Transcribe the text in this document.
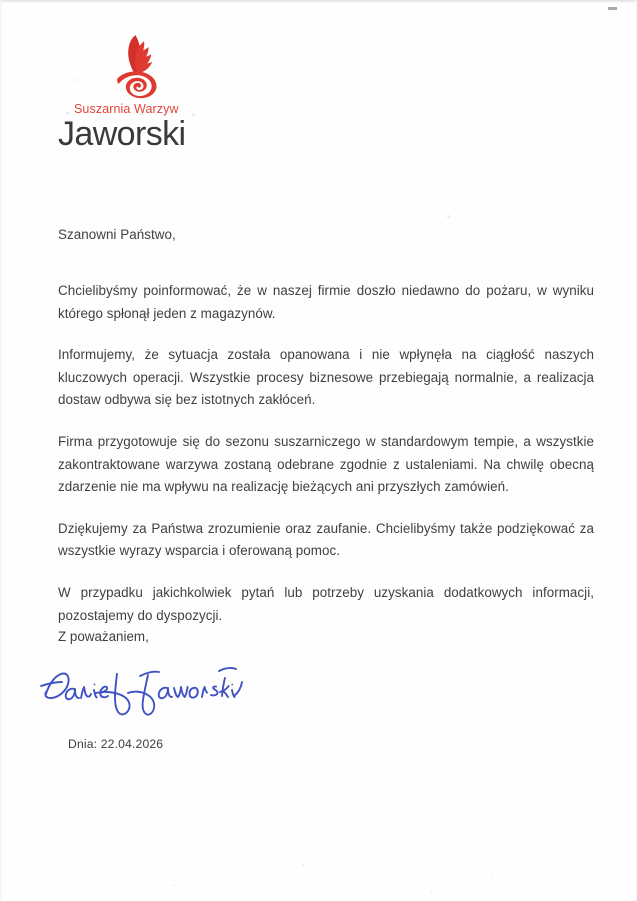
Suszarnia Warzyw
Jaworski

Szanowni Państwo,

Chcielibyśmy poinformować, że w naszej firmie doszło niedawno do pożaru, w wyniku którego spłonął jeden z magazynów.

Informujemy, że sytuacja została opanowana i nie wpłynęła na ciągłość naszych kluczowych operacji. Wszystkie procesy biznesowe przebiegają normalnie, a realizacja dostaw odbywa się bez istotnych zakłóceń.

Firma przygotowuje się do sezonu suszarniczego w standardowym tempie, a wszystkie zakontraktowane warzywa zostaną odebrane zgodnie z ustaleniami. Na chwilę obecną zdarzenie nie ma wpływu na realizację bieżących ani przyszłych zamówień.

Dziękujemy za Państwa zrozumienie oraz zaufanie. Chcielibyśmy także podziękować za wszystkie wyrazy wsparcia i oferowaną pomoc.

W przypadku jakichkolwiek pytań lub potrzeby uzyskania dodatkowych informacji, pozostajemy do dyspozycji.

Z poważaniem,

Dnia: 22.04.2026
